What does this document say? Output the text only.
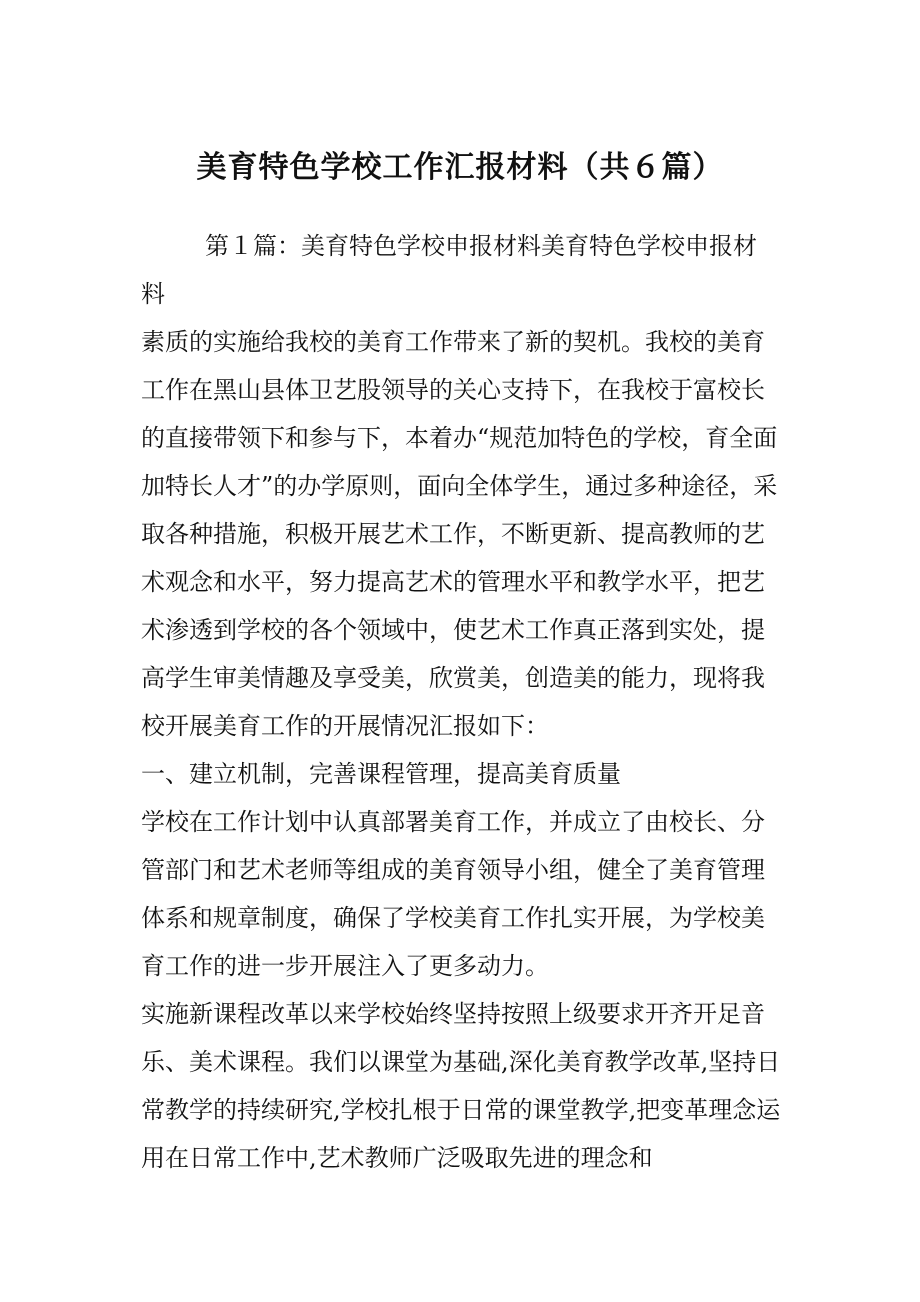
美育特色学校工作汇报材料（共６篇）
第１篇：美育特色学校申报材料美育特色学校申报材
料

素质的实施给我校的美育工作带来了新的契机。我校的美育工作在黑山县体卫艺股领导的关心支持下，在我校于富校长的直接带领下和参与下，本着办“规范加特色的学校，育全面加特长人才”的办学原则，面向全体学生，通过多种途径，采取各种措施，积极开展艺术工作，不断更新、提高教师的艺术观念和水平，努力提高艺术的管理水平和教学水平，把艺术渗透到学校的各个领域中，使艺术工作真正落到实处，提高学生审美情趣及享受美，欣赏美，创造美的能力，现将我校开展美育工作的开展情况汇报如下：

一、建立机制，完善课程管理，提高美育质量

学校在工作计划中认真部署美育工作，并成立了由校长、分管部门和艺术老师等组成的美育领导小组，健全了美育管理体系和规章制度，确保了学校美育工作扎实开展，为学校美育工作的进一步开展注入了更多动力。

实施新课程改革以来学校始终坚持按照上级要求开齐开足音乐、美术课程。我们以课堂为基础,深化美育教学改革,坚持日常教学的持续研究,学校扎根于日常的课堂教学,把变革理念运用在日常工作中,艺术教师广泛吸取先进的理念和
